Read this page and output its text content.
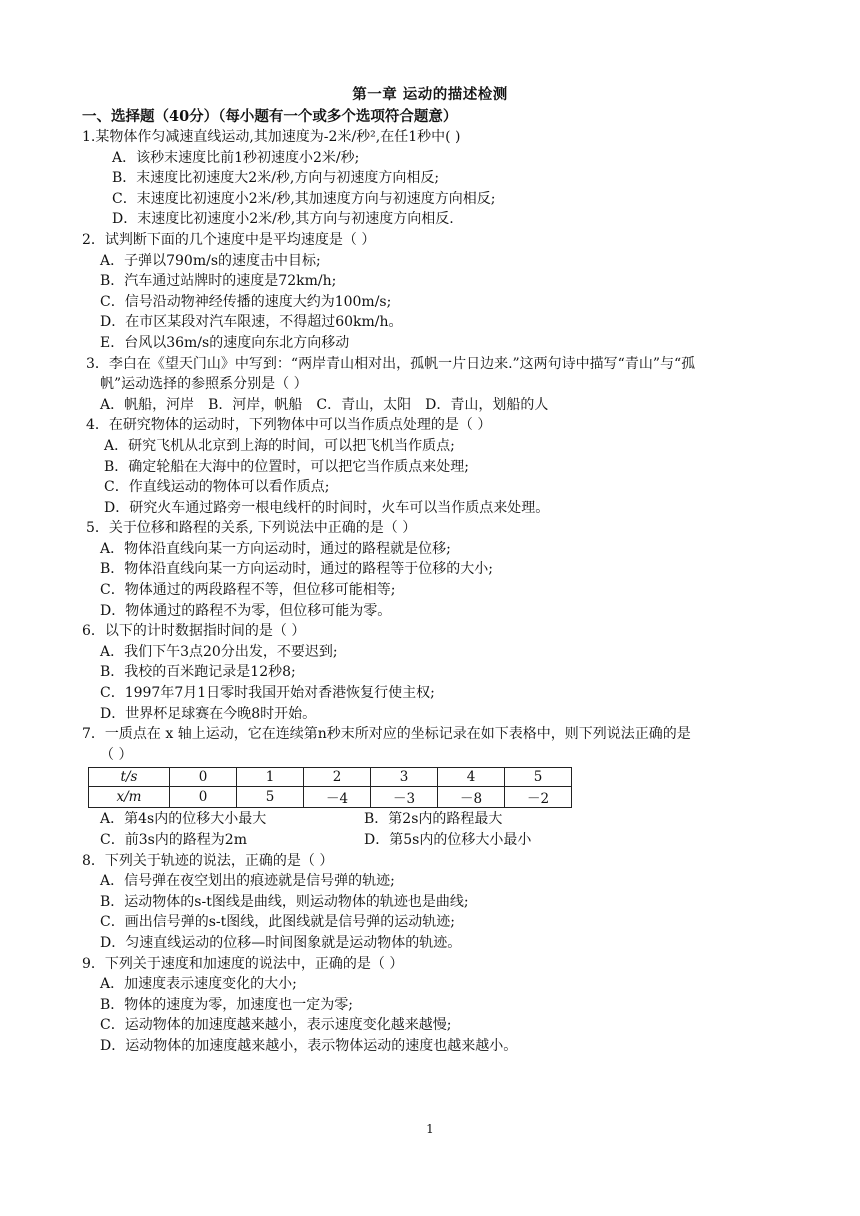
第一章 运动的描述检测
一、选择题（40分）（每小题有一个或多个选项符合题意）
1.某物体作匀减速直线运动,其加速度为-2米/秒²,在任1秒中( )
A．该秒末速度比前1秒初速度小2米/秒;
B．末速度比初速度大2米/秒,方向与初速度方向相反;
C．末速度比初速度小2米/秒,其加速度方向与初速度方向相反;
D．末速度比初速度小2米/秒,其方向与初速度方向相反.
2．试判断下面的几个速度中是平均速度是（ ）
A．子弹以790m/s的速度击中目标;
B．汽车通过站牌时的速度是72km/h;
C．信号沿动物神经传播的速度大约为100m/s;
D．在市区某段对汽车限速，不得超过60km/h。
E．台风以36m/s的速度向东北方向移动
3．李白在《望天门山》中写到：“两岸青山相对出，孤帆一片日边来.”这两句诗中描写“青山”与“孤
帆”运动选择的参照系分别是（ ）
A．帆船，河岸 B．河岸，帆船 C．青山，太阳 D．青山，划船的人
4．在研究物体的运动时，下列物体中可以当作质点处理的是（ ）
A．研究飞机从北京到上海的时间，可以把飞机当作质点;
B．确定轮船在大海中的位置时，可以把它当作质点来处理;
C．作直线运动的物体可以看作质点;
D．研究火车通过路旁一根电线杆的时间时，火车可以当作质点来处理。
5．关于位移和路程的关系, 下列说法中正确的是（ ）
A．物体沿直线向某一方向运动时，通过的路程就是位移;
B．物体沿直线向某一方向运动时，通过的路程等于位移的大小;
C．物体通过的两段路程不等，但位移可能相等;
D．物体通过的路程不为零，但位移可能为零。
6．以下的计时数据指时间的是（ ）
A．我们下午3点20分出发，不要迟到;
B．我校的百米跑记录是12秒8;
C．1997年7月1日零时我国开始对香港恢复行使主权;
D．世界杯足球赛在今晚8时开始。
7．一质点在 x 轴上运动，它在连续第n秒末所对应的坐标记录在如下表格中，则下列说法正确的是
（ ）
t/s	0	1	2	3	4	5
x/m	0	5	－4	－3	－8	－2
A．第4s内的位移大小最大	B．第2s内的路程最大
C．前3s内的路程为2m	D．第5s内的位移大小最小
8．下列关于轨迹的说法，正确的是（ ）
A．信号弹在夜空划出的痕迹就是信号弹的轨迹;
B．运动物体的s-t图线是曲线，则运动物体的轨迹也是曲线;
C．画出信号弹的s-t图线，此图线就是信号弹的运动轨迹;
D．匀速直线运动的位移—时间图象就是运动物体的轨迹。
9．下列关于速度和加速度的说法中，正确的是（ ）
A．加速度表示速度变化的大小;
B．物体的速度为零，加速度也一定为零;
C．运动物体的加速度越来越小，表示速度变化越来越慢;
D．运动物体的加速度越来越小，表示物体运动的速度也越来越小。
1
